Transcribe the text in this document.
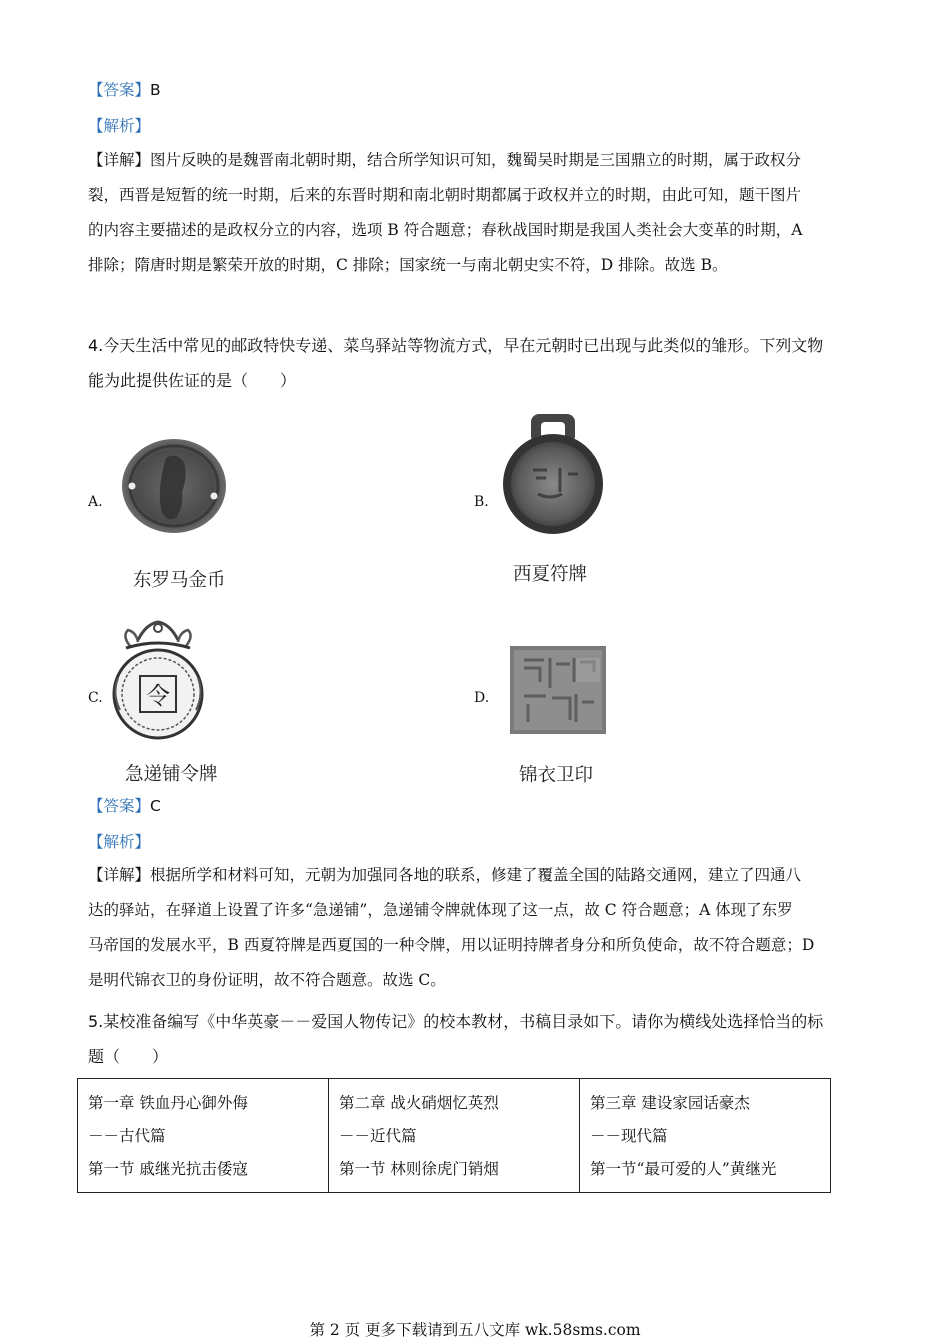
【答案】B
【解析】
【详解】图片反映的是魏晋南北朝时期，结合所学知识可知，魏蜀吴时期是三国鼎立的时期，属于政权分
裂，西晋是短暂的统一时期，后来的东晋时期和南北朝时期都属于政权并立的时期，由此可知，题干图片
的内容主要描述的是政权分立的内容，选项 B 符合题意；春秋战国时期是我国人类社会大变革的时期，A
排除；隋唐时期是繁荣开放的时期，C 排除；国家统一与南北朝史实不符，D 排除。故选 B。
4.今天生活中常见的邮政特快专递、菜鸟驿站等物流方式，早在元朝时已出现与此类似的雏形。下列文物
能为此提供佐证的是（　　）
A.
东罗马金币
B.
西夏符牌
C. 令
急递铺令牌
D.
锦衣卫印
【答案】C
【解析】
【详解】根据所学和材料可知，元朝为加强同各地的联系，修建了覆盖全国的陆路交通网，建立了四通八
达的驿站，在驿道上设置了许多“急递铺”，急递铺令牌就体现了这一点，故 C 符合题意；A 体现了东罗
马帝国的发展水平，B 西夏符牌是西夏国的一种令牌，用以证明持牌者身分和所负使命，故不符合题意；D
是明代锦衣卫的身份证明，故不符合题意。故选 C。
5.某校准备编写《中华英豪－－爱国人物传记》的校本教材，书稿目录如下。请你为横线处选择恰当的标
题（　　）
第一章 铁血丹心御外侮
－－古代篇
第一节 戚继光抗击倭寇

第二章 战火硝烟忆英烈
－－近代篇
第一节 林则徐虎门销烟

第三章 建设家园话豪杰
－－现代篇
第一节“最可爱的人”黄继光
第 2 页 更多下载请到五八文库 wk.58sms.com
